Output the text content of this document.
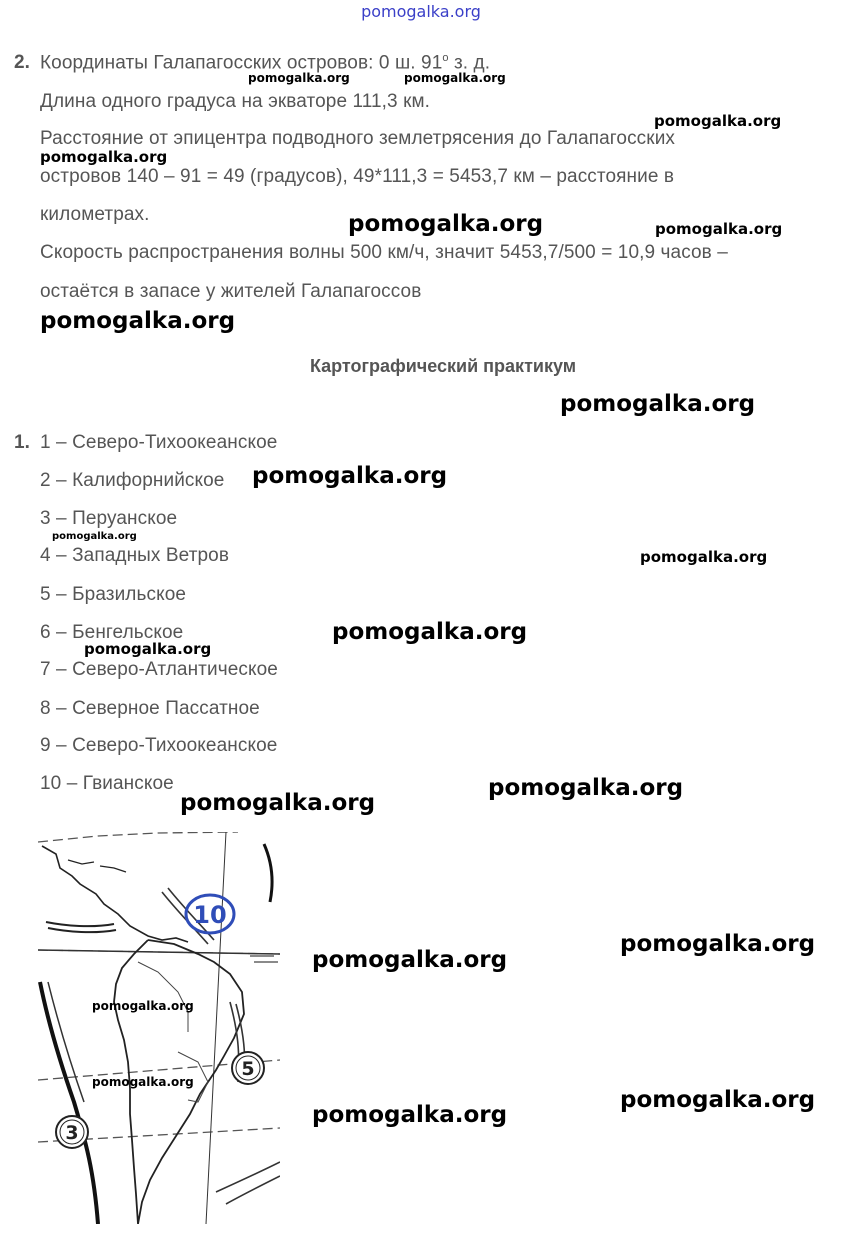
pomogalka.org
2. Координаты Галапагосских островов: 0 ш. $91^о$ з. д.
Длина одного градуса на экваторе 111,3 км.
Расстояние от эпицентра подводного землетрясения до Галапагосских
островов 140 – 91 = 49 (градусов), 49*111,3 = 5453,7 км – расстояние в
километрах.
Скорость распространения волны 500 км/ч, значит 5453,7/500 = 10,9 часов –
остаётся в запасе у жителей Галапагоссов
Картографический практикум
1. 1 – Северо-Тихоокеанское
2 – Калифорнийское
3 – Перуанское
4 – Западных Ветров
5 – Бразильское
6 – Бенгельское
7 – Северо-Атлантическое
8 – Северное Пассатное
9 – Северо-Тихоокеанское
10 – Гвианское
10
5
3
pomogalka.org	pomogalka.org
pomogalka.org
pomogalka.org
pomogalka.org	pomogalka.org
pomogalka.org
pomogalka.org
pomogalka.org
pomogalka.org
pomogalka.org
pomogalka.org
pomogalka.org
pomogalka.org
pomogalka.org
pomogalka.org
pomogalka.org
pomogalka.org
pomogalka.org
pomogalka.org
pomogalka.org
